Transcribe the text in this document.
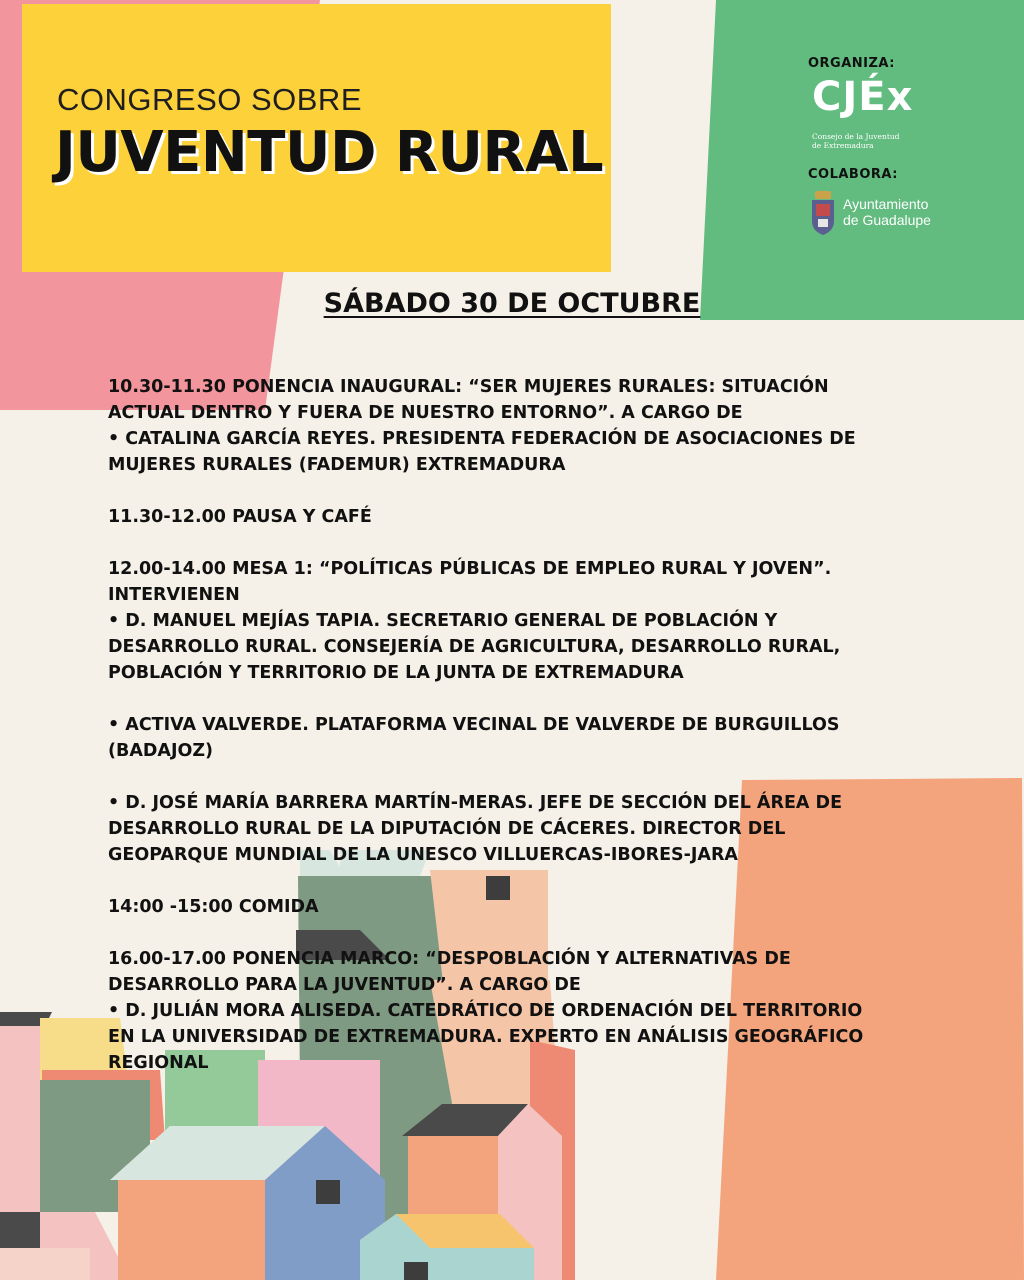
CONGRESO SOBRE
JUVENTUD RURAL
ORGANIZA:
CJÉx
Consejo de la Juventud
de Extremadura
COLABORA:
Ayuntamiento
de Guadalupe
SÁBADO 30 DE OCTUBRE

10.30-11.30 PONENCIA INAUGURAL: “SER MUJERES RURALES: SITUACIÓN

ACTUAL DENTRO Y FUERA DE NUESTRO ENTORNO”. A CARGO DE

• CATALINA GARCÍA REYES. PRESIDENTA FEDERACIÓN DE ASOCIACIONES DE

MUJERES RURALES (FADEMUR) EXTREMADURA

11.30-12.00 PAUSA Y CAFÉ

12.00-14.00 MESA 1: “POLÍTICAS PÚBLICAS DE EMPLEO RURAL Y JOVEN”.

INTERVIENEN

• D. MANUEL MEJÍAS TAPIA. SECRETARIO GENERAL DE POBLACIÓN Y

DESARROLLO RURAL. CONSEJERÍA DE AGRICULTURA, DESARROLLO RURAL,

POBLACIÓN Y TERRITORIO DE LA JUNTA DE EXTREMADURA

• ACTIVA VALVERDE. PLATAFORMA VECINAL DE VALVERDE DE BURGUILLOS

(BADAJOZ)

• D. JOSÉ MARÍA BARRERA MARTÍN-MERAS. JEFE DE SECCIÓN DEL ÁREA DE

DESARROLLO RURAL DE LA DIPUTACIÓN DE CÁCERES. DIRECTOR DEL

GEOPARQUE MUNDIAL DE LA UNESCO VILLUERCAS-IBORES-JARA

14:00 -15:00 COMIDA

16.00-17.00 PONENCIA MARCO: “DESPOBLACIÓN Y ALTERNATIVAS DE

DESARROLLO PARA LA JUVENTUD”. A CARGO DE

• D. JULIÁN MORA ALISEDA. CATEDRÁTICO DE ORDENACIÓN DEL TERRITORIO

EN LA UNIVERSIDAD DE EXTREMADURA. EXPERTO EN ANÁLISIS GEOGRÁFICO

REGIONAL
